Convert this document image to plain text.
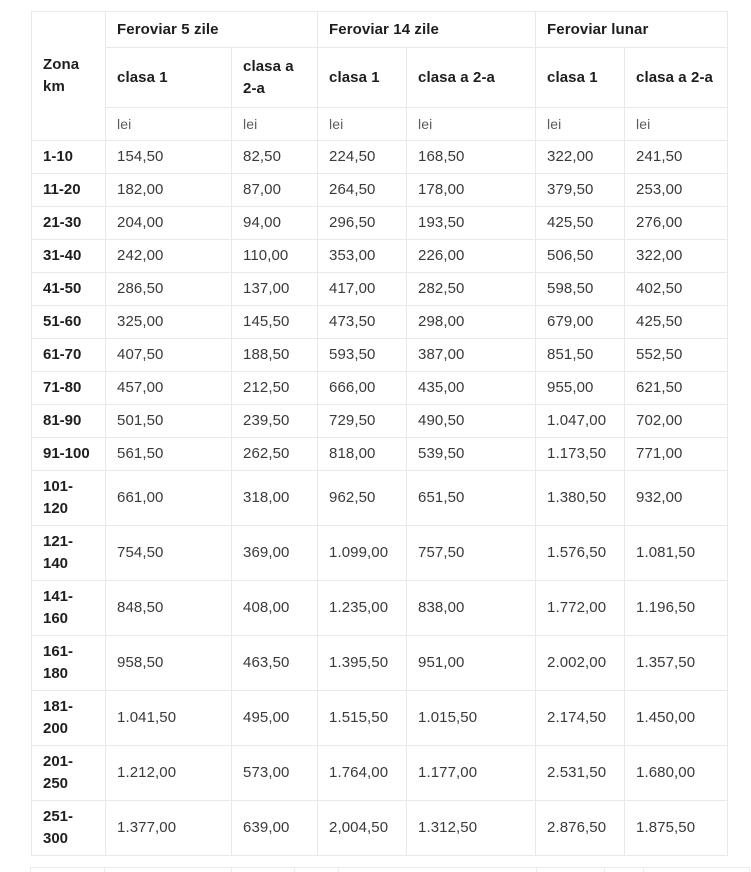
Zona km	Feroviar 5 zile		Feroviar 14 zile		Feroviar lunar	
	clasa 1	clasa a 2-a	clasa 1	clasa a 2-a	clasa 1	clasa a 2-a
	lei	lei	lei	lei	lei	lei
1-10	154,50	82,50	224,50	168,50	322,00	241,50
11-20	182,00	87,00	264,50	178,00	379,50	253,00
21-30	204,00	94,00	296,50	193,50	425,50	276,00
31-40	242,00	110,00	353,00	226,00	506,50	322,00
41-50	286,50	137,00	417,00	282,50	598,50	402,50
51-60	325,00	145,50	473,50	298,00	679,00	425,50
61-70	407,50	188,50	593,50	387,00	851,50	552,50
71-80	457,00	212,50	666,00	435,00	955,00	621,50
81-90	501,50	239,50	729,50	490,50	1.047,00	702,00
91-100	561,50	262,50	818,00	539,50	1.173,50	771,00
101-120	661,00	318,00	962,50	651,50	1.380,50	932,00
121-140	754,50	369,00	1.099,00	757,50	1.576,50	1.081,50
141-160	848,50	408,00	1.235,00	838,00	1.772,00	1.196,50
161-180	958,50	463,50	1.395,50	951,00	2.002,00	1.357,50
181-200	1.041,50	495,00	1.515,50	1.015,50	2.174,50	1.450,00
201-250	1.212,00	573,00	1.764,00	1.177,00	2.531,50	1.680,00
251-300	1.377,00	639,00	2,004,50	1.312,50	2.876,50	1.875,50
